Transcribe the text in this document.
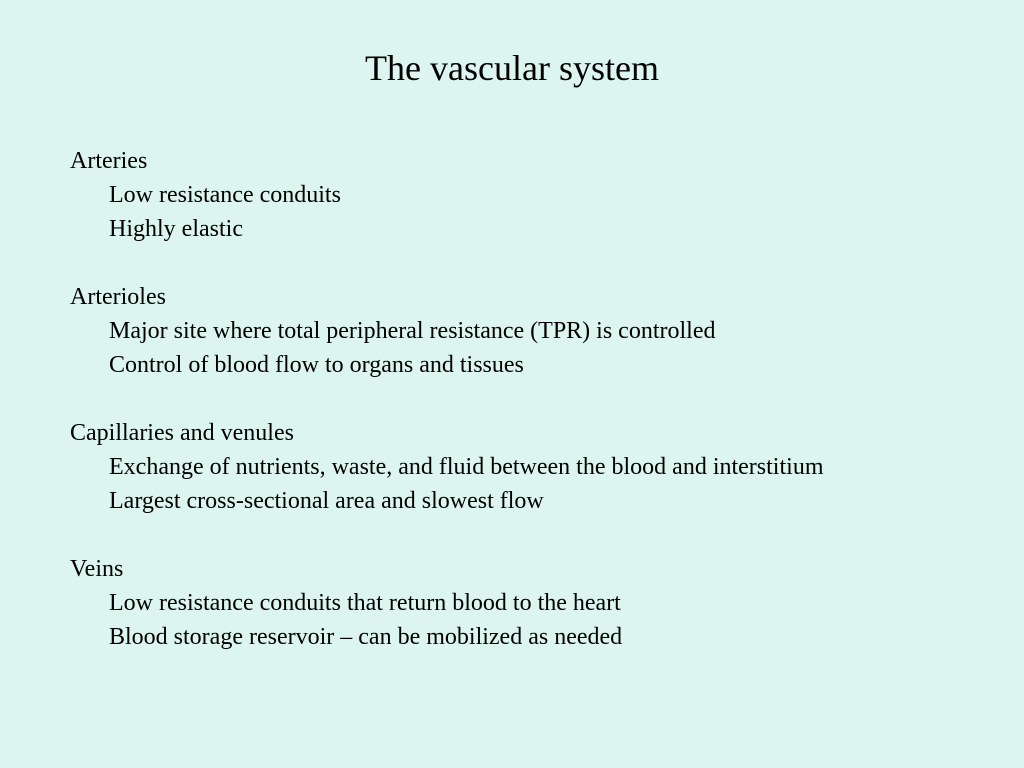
The vascular system
Arteries
Low resistance conduits
Highly elastic
Arterioles
Major site where total peripheral resistance (TPR) is controlled
Control of blood flow to organs and tissues
Capillaries and venules
Exchange of nutrients, waste, and fluid between the blood and interstitium
Largest cross-sectional area and slowest flow
Veins
Low resistance conduits that return blood to the heart
Blood storage reservoir – can be mobilized as needed
